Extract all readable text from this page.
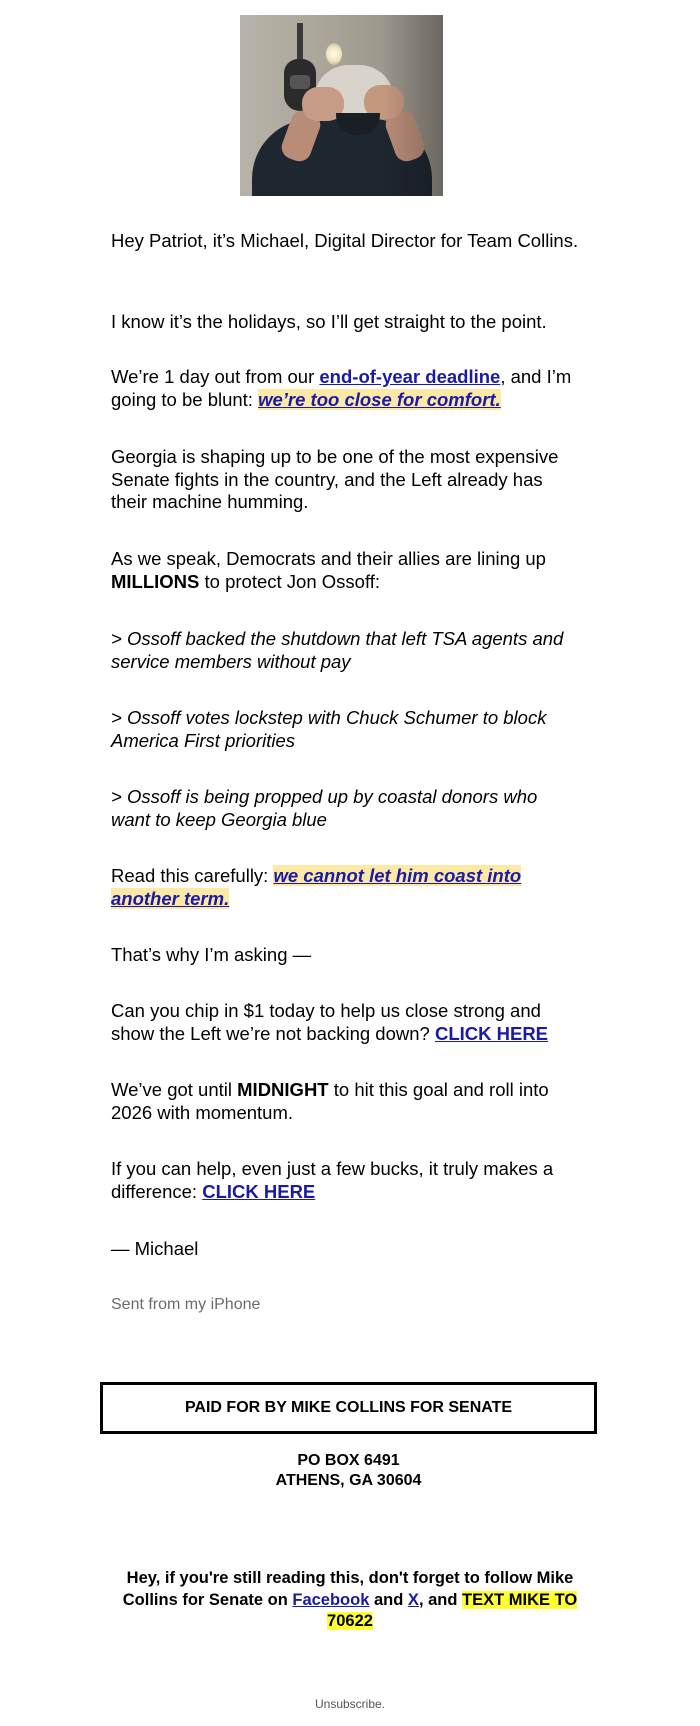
Hey Patriot, it’s Michael, Digital Director for Team Collins.

I know it’s the holidays, so I’ll get straight to the point.

We’re 1 day out from our end-of-year deadline, and I’m going to be blunt: we’re too close for comfort.

Georgia is shaping up to be one of the most expensive Senate fights in the country, and the Left already has their machine humming.

As we speak, Democrats and their allies are lining up MILLIONS to protect Jon Ossoff:

> Ossoff backed the shutdown that left TSA agents and service members without pay

> Ossoff votes lockstep with Chuck Schumer to block America First priorities

> Ossoff is being propped up by coastal donors who want to keep Georgia blue

Read this carefully: we cannot let him coast into another term.

That’s why I’m asking —

Can you chip in $1 today to help us close strong and show the Left we’re not backing down? CLICK HERE

We’ve got until MIDNIGHT to hit this goal and roll into 2026 with momentum.

If you can help, even just a few bucks, it truly makes a difference: CLICK HERE

— Michael

Sent from my iPhone

PAID FOR BY MIKE COLLINS FOR SENATE
PO BOX 6491
ATHENS, GA 30604
Hey, if you're still reading this, don't forget to follow Mike Collins for Senate on Facebook and X, and TEXT MIKE TO 70622
Unsubscribe.
